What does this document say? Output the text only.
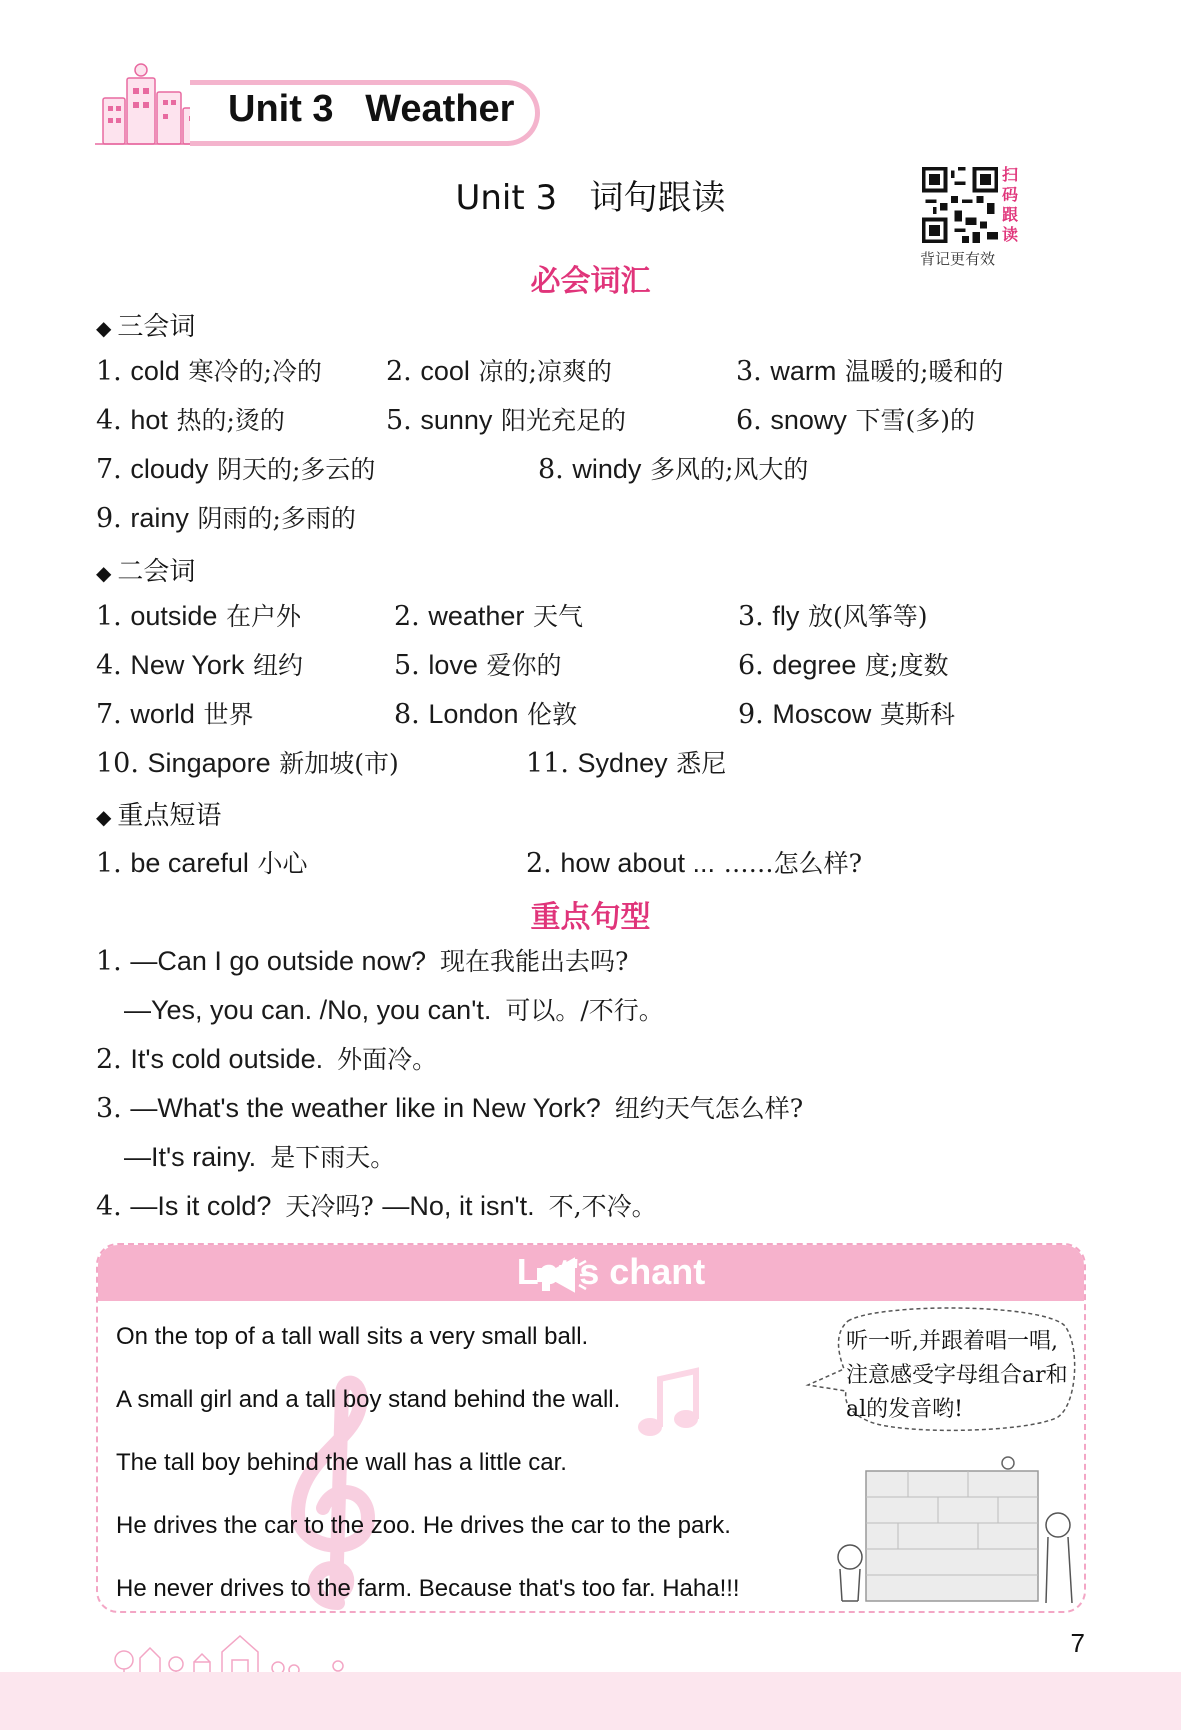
Unit 3   Weather
Unit 3   词句跟读
扫码跟读
背记更有效
必会词汇
◆ 三会词
1. cold 寒冷的;冷的 2. cool 凉的;凉爽的	3. warm 温暖的;暖和的
4. hot 热的;烫的	5. sunny 阳光充足的	6. snowy 下雪(多)的
7. cloudy 阴天的;多云的	8. windy 多风的;风大的
9. rainy 阴雨的;多雨的
◆ 二会词
1. outside 在户外	2. weather 天气	3. fly 放(风筝等)
4. New York 纽约	5. love 爱你的	6. degree 度;度数
7. world 世界	8. London 伦敦	9. Moscow 莫斯科
10. Singapore 新加坡(市)	11. Sydney 悉尼
◆ 重点短语
1. be careful 小心	2. how about ... ……怎么样?
重点句型
1. —Can I go outside now? 现在我能出去吗?
—Yes, you can. /No, you can't. 可以。/不行。
2. It's cold outside. 外面冷。
3. —What's the weather like in New York? 纽约天气怎么样?
—It's rainy. 是下雨天。
4. —Is it cold? 天冷吗? —No, it isn't. 不,不冷。
Let's chant
On the top of a tall wall sits a very small ball.
A small girl and a tall boy stand behind the wall.
The tall boy behind the wall has a little car.
He drives the car to the zoo. He drives the car to the park.
He never drives to the farm. Because that's too far. Haha!!!
听一听,并跟着唱一唱,注意感受字母组合ar和al的发音哟!
7
